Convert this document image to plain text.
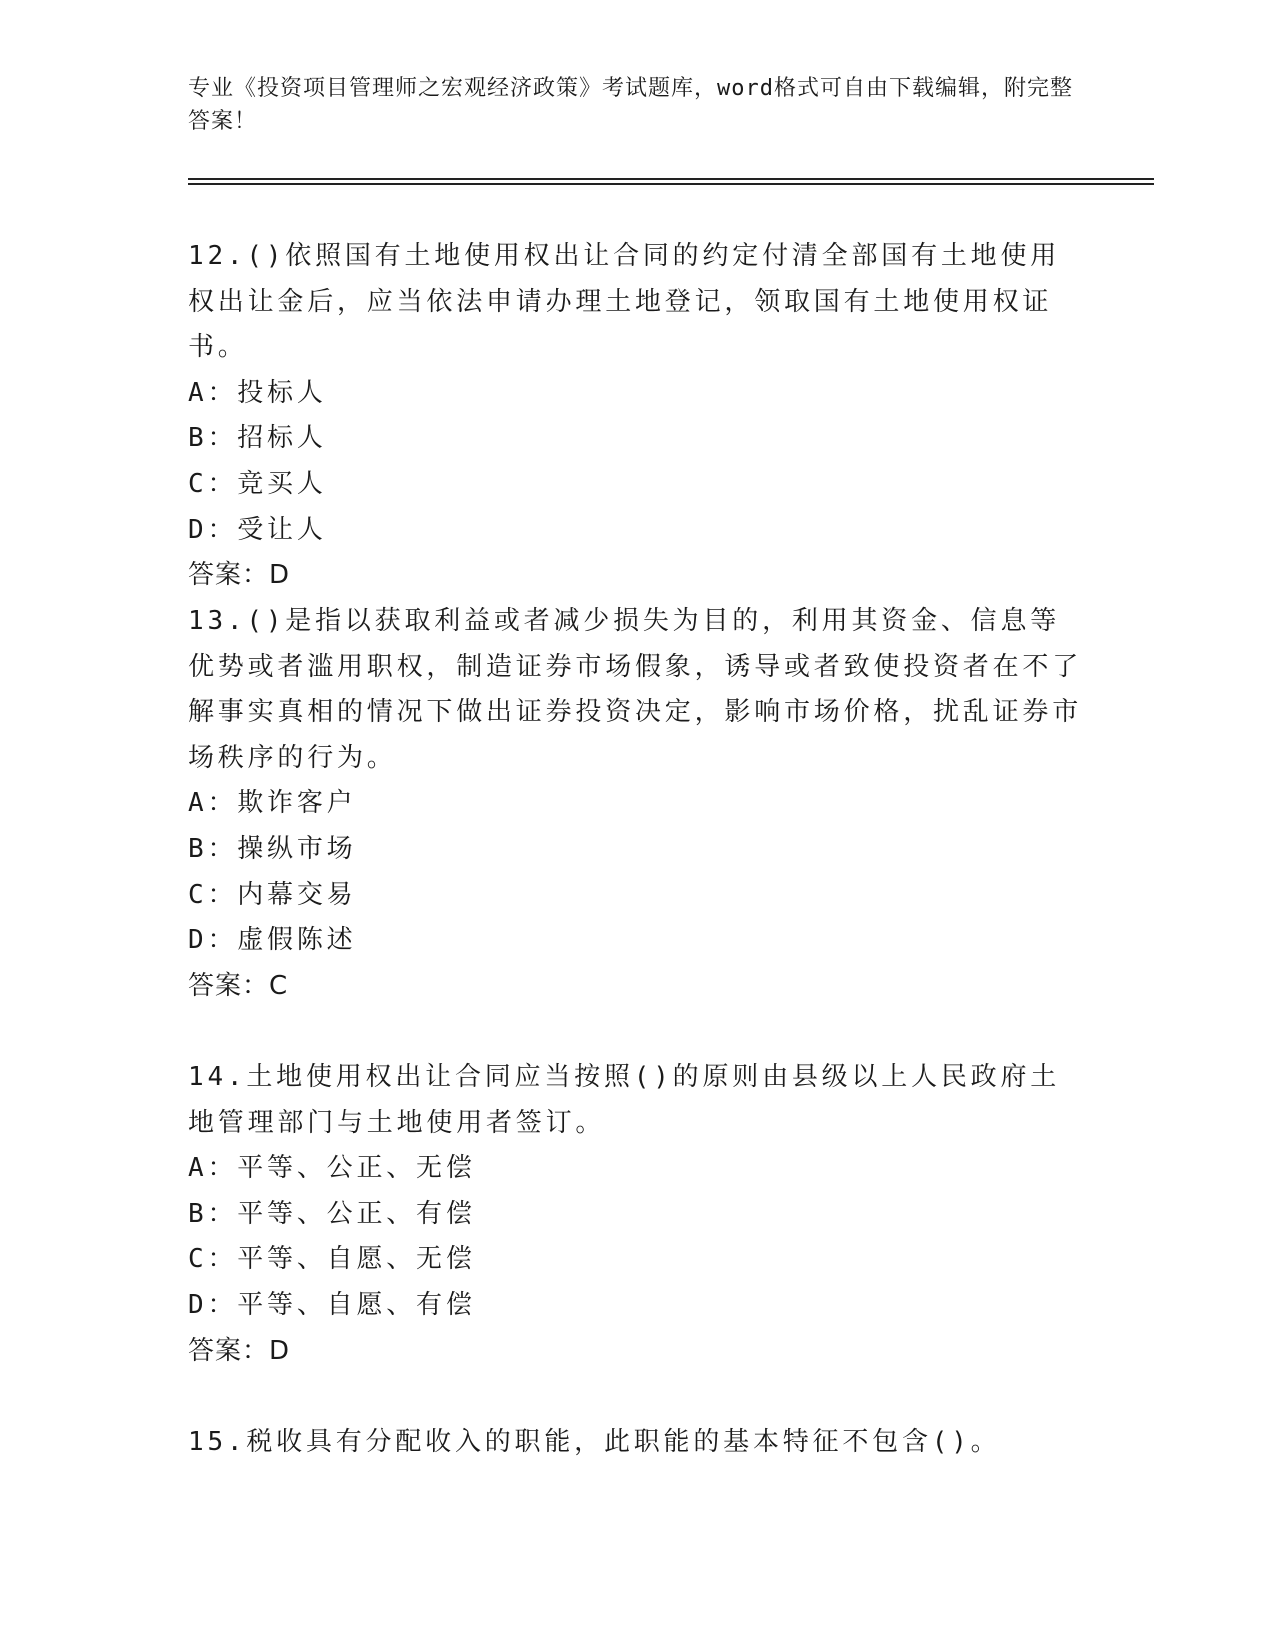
专业《投资项目管理师之宏观经济政策》考试题库，word格式可自由下载编辑，附完整答案！
12.()依照国有土地使用权出让合同的约定付清全部国有土地使用权出让金后，应当依法申请办理土地登记，领取国有土地使用权证书。
A：投标人
B：招标人
C：竞买人
D：受让人
答案：D
13.()是指以获取利益或者减少损失为目的，利用其资金、信息等优势或者滥用职权，制造证券市场假象，诱导或者致使投资者在不了解事实真相的情况下做出证券投资决定，影响市场价格，扰乱证券市场秩序的行为。
A：欺诈客户
B：操纵市场
C：内幕交易
D：虚假陈述
答案：C
14.土地使用权出让合同应当按照()的原则由县级以上人民政府土地管理部门与土地使用者签订。
A：平等、公正、无偿
B：平等、公正、有偿
C：平等、自愿、无偿
D：平等、自愿、有偿
答案：D
15.税收具有分配收入的职能，此职能的基本特征不包含()。
